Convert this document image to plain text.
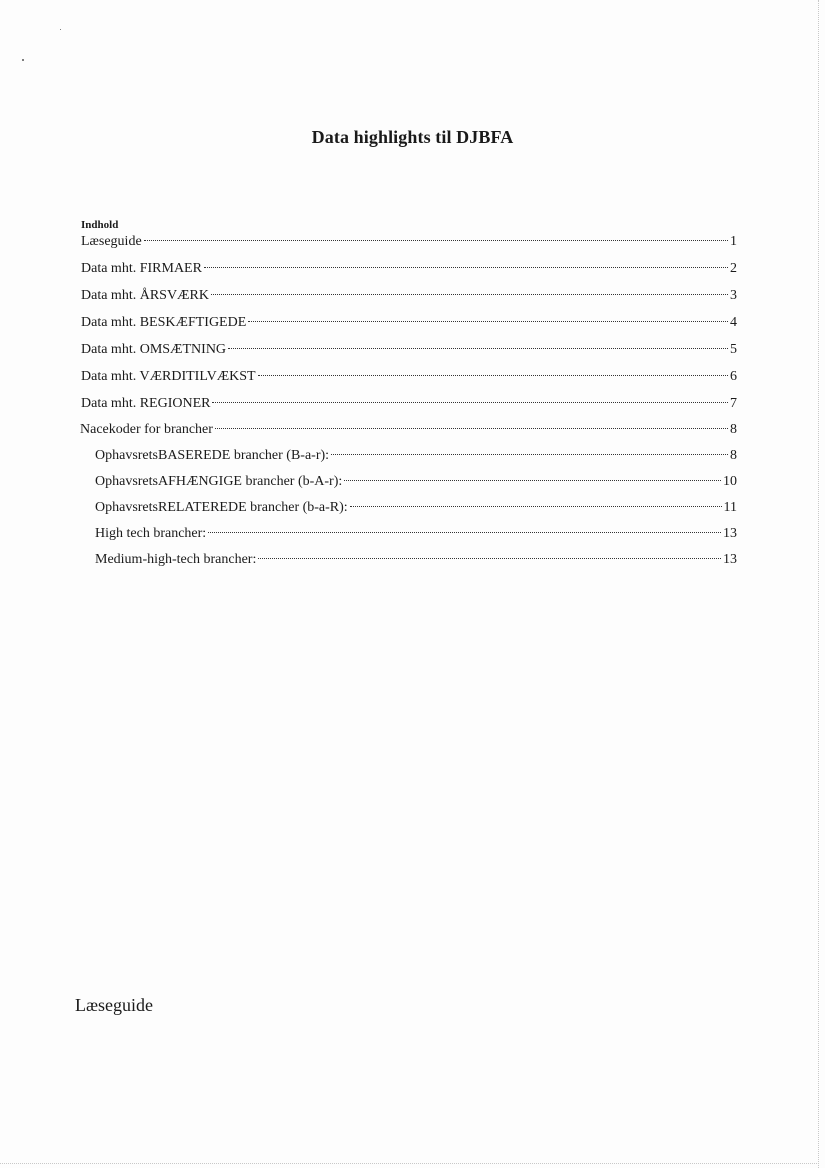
Data highlights til DJBFA
Indhold
Læseguide	1
Data mht. FIRMAER	2
Data mht. ÅRSVÆRK	3
Data mht. BESKÆFTIGEDE	4
Data mht. OMSÆTNING	5
Data mht. VÆRDITILVÆKST	6
Data mht. REGIONER	7
Nacekoder for brancher	8
OphavsretsBASEREDE brancher (B-a-r):	8
OphavsretsAFHÆNGIGE brancher (b-A-r):	10
OphavsretsRELATEREDE brancher (b-a-R):	11
High tech brancher:	13
Medium-high-tech brancher:	13
Læseguide
